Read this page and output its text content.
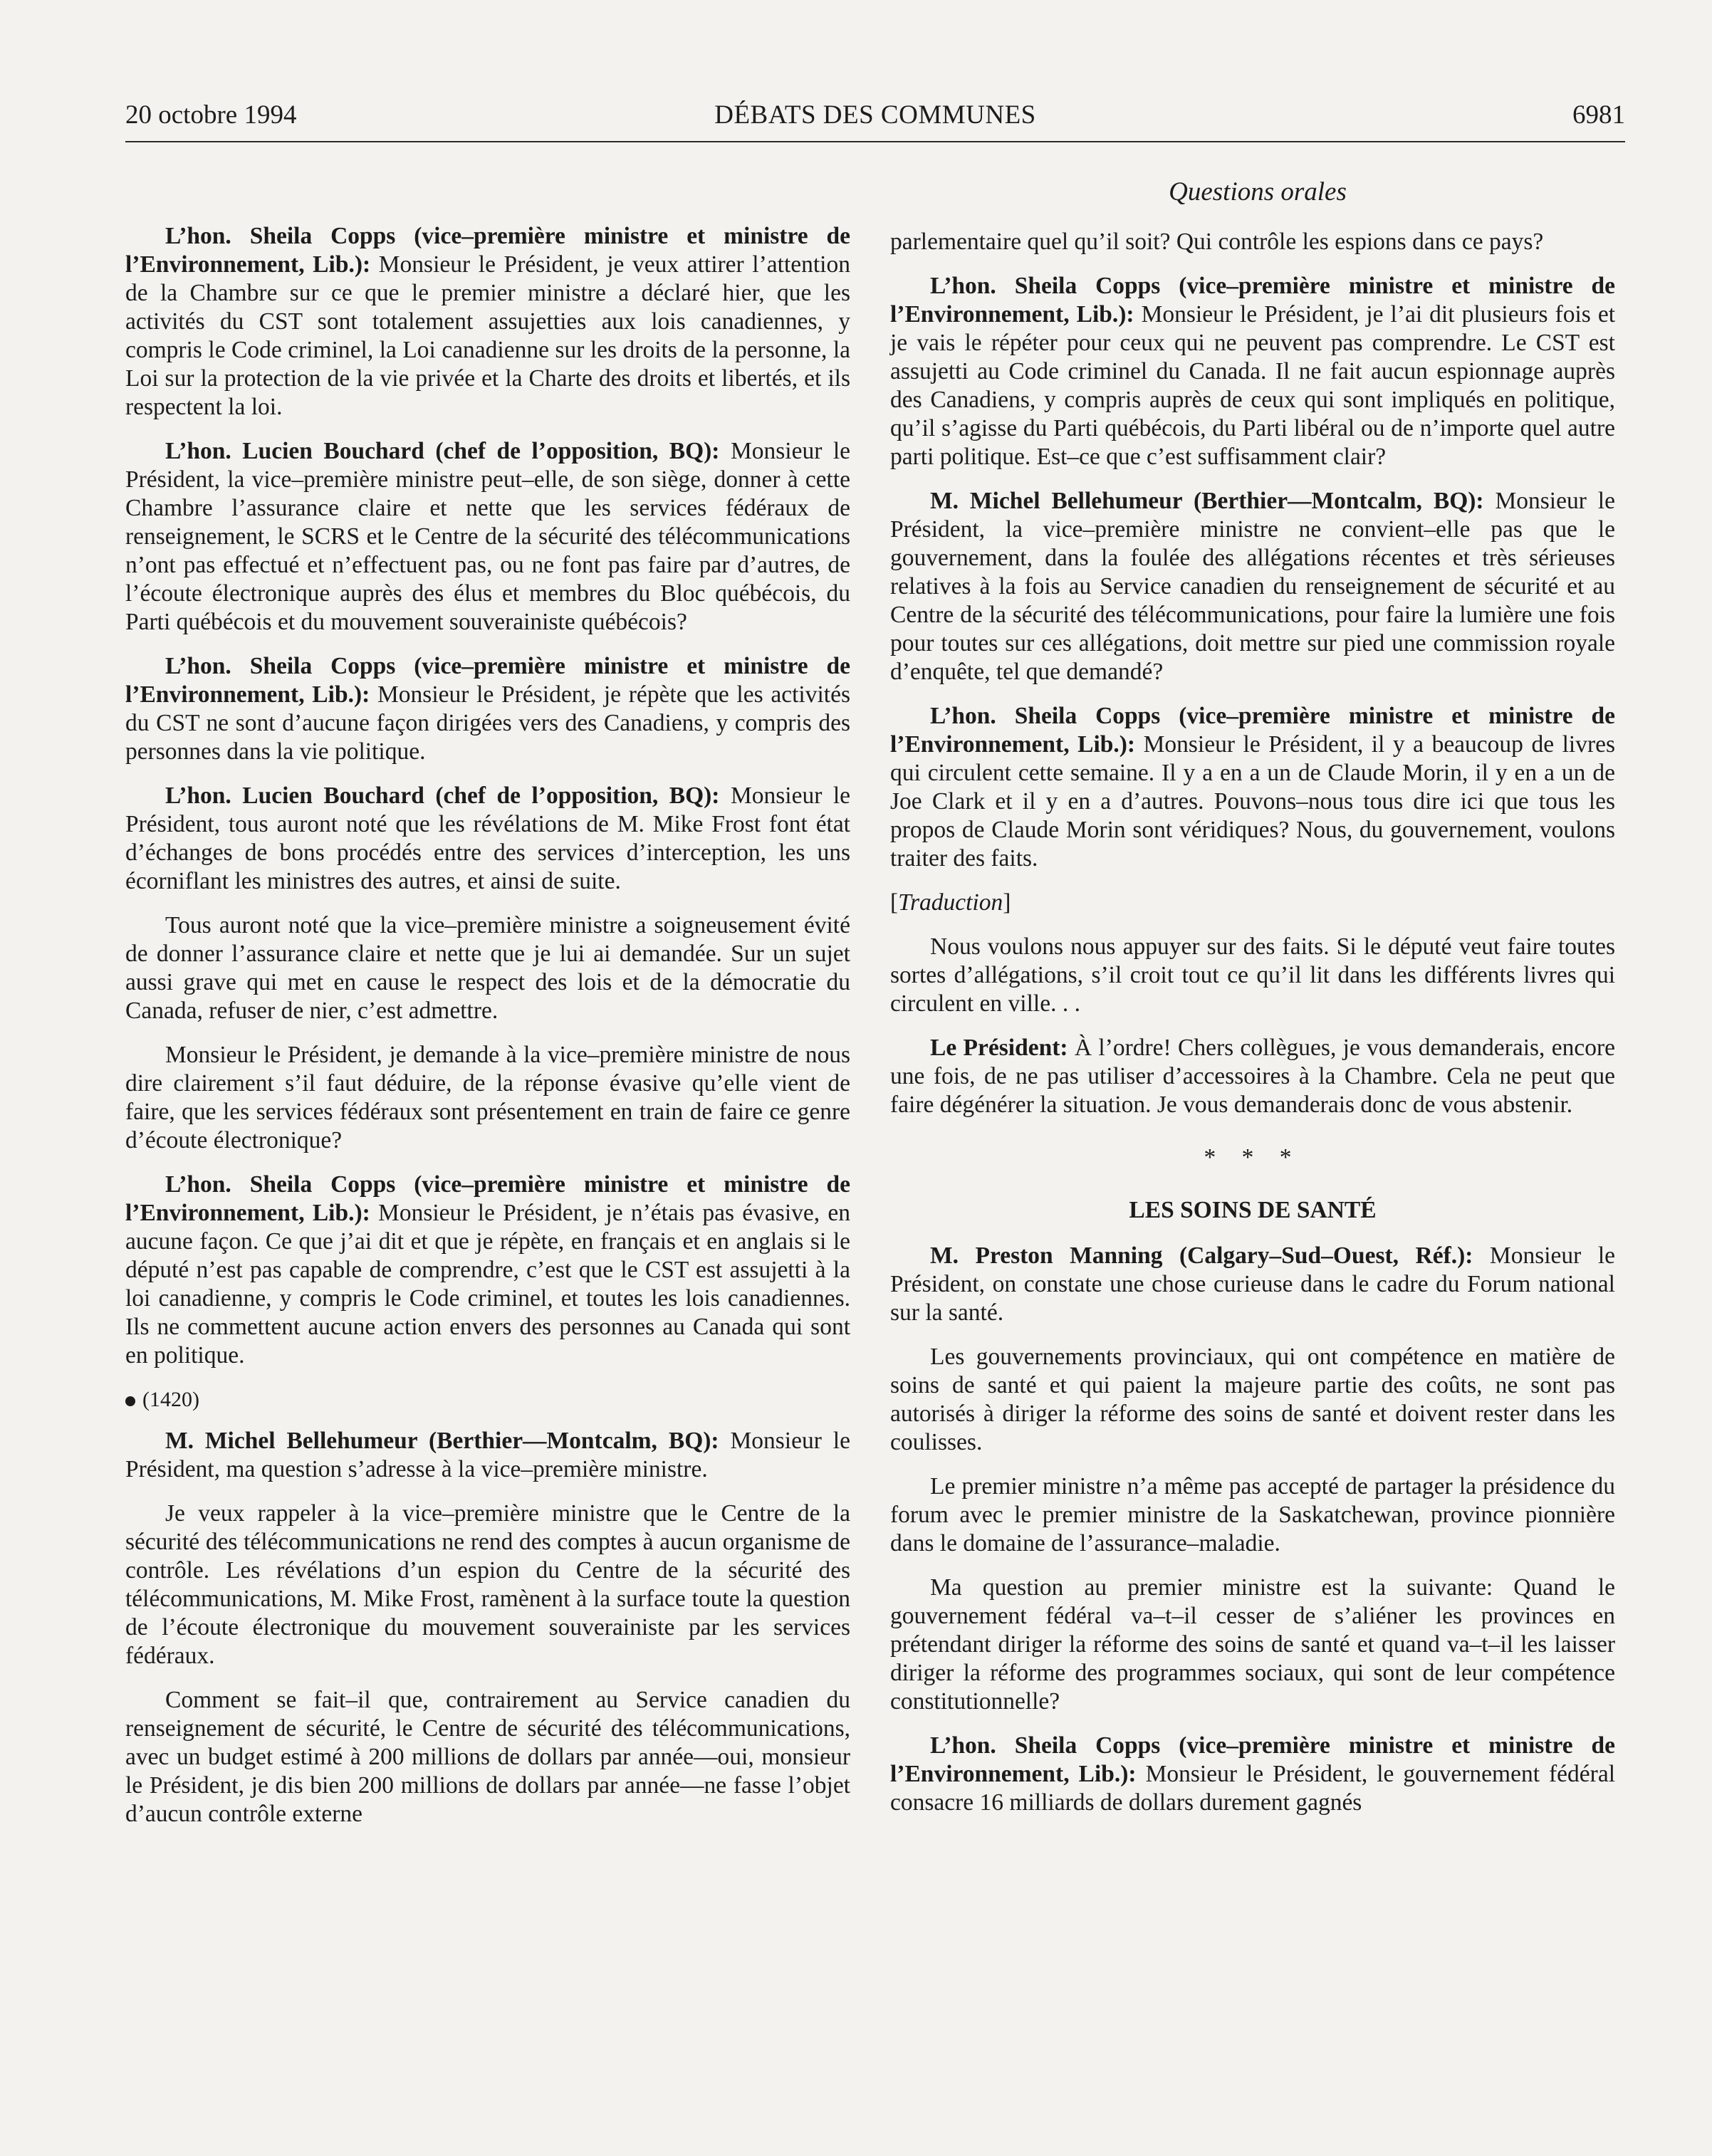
20 octobre 1994	DÉBATS DES COMMUNES	6981
Questions orales

L’hon. Sheila Copps (vice–première ministre et ministre de l’Environnement, Lib.): Monsieur le Président, je veux attirer l’attention de la Chambre sur ce que le premier ministre a déclaré hier, que les activités du CST sont totalement assujetties aux lois canadiennes, y compris le Code criminel, la Loi canadienne sur les droits de la personne, la Loi sur la protection de la vie privée et la Charte des droits et libertés, et ils respectent la loi.

L’hon. Lucien Bouchard (chef de l’opposition, BQ): Monsieur le Président, la vice–première ministre peut–elle, de son siège, donner à cette Chambre l’assurance claire et nette que les services fédéraux de renseignement, le SCRS et le Centre de la sécurité des télécommunications n’ont pas effectué et n’effectuent pas, ou ne font pas faire par d’autres, de l’écoute électronique auprès des élus et membres du Bloc québécois, du Parti québécois et du mouvement souverainiste québécois?

L’hon. Sheila Copps (vice–première ministre et ministre de l’Environnement, Lib.): Monsieur le Président, je répète que les activités du CST ne sont d’aucune façon dirigées vers des Canadiens, y compris des personnes dans la vie politique.

L’hon. Lucien Bouchard (chef de l’opposition, BQ): Monsieur le Président, tous auront noté que les révélations de M. Mike Frost font état d’échanges de bons procédés entre des services d’interception, les uns écorniflant les ministres des autres, et ainsi de suite.

Tous auront noté que la vice–première ministre a soigneusement évité de donner l’assurance claire et nette que je lui ai demandée. Sur un sujet aussi grave qui met en cause le respect des lois et de la démocratie du Canada, refuser de nier, c’est admettre.

Monsieur le Président, je demande à la vice–première ministre de nous dire clairement s’il faut déduire, de la réponse évasive qu’elle vient de faire, que les services fédéraux sont présentement en train de faire ce genre d’écoute électronique?

L’hon. Sheila Copps (vice–première ministre et ministre de l’Environnement, Lib.): Monsieur le Président, je n’étais pas évasive, en aucune façon. Ce que j’ai dit et que je répète, en français et en anglais si le député n’est pas capable de comprendre, c’est que le CST est assujetti à la loi canadienne, y compris le Code criminel, et toutes les lois canadiennes. Ils ne commettent aucune action envers des personnes au Canada qui sont en politique.

(1420)

M. Michel Bellehumeur (Berthier—Montcalm, BQ): Monsieur le Président, ma question s’adresse à la vice–première ministre.

Je veux rappeler à la vice–première ministre que le Centre de la sécurité des télécommunications ne rend des comptes à aucun organisme de contrôle. Les révélations d’un espion du Centre de la sécurité des télécommunications, M. Mike Frost, ramènent à la surface toute la question de l’écoute électronique du mouvement souverainiste par les services fédéraux.

Comment se fait–il que, contrairement au Service canadien du renseignement de sécurité, le Centre de sécurité des télécommunications, avec un budget estimé à 200 millions de dollars par année—oui, monsieur le Président, je dis bien 200 millions de dollars par année—ne fasse l’objet d’aucun contrôle externe

parlementaire quel qu’il soit? Qui contrôle les espions dans ce pays?

L’hon. Sheila Copps (vice–première ministre et ministre de l’Environnement, Lib.): Monsieur le Président, je l’ai dit plusieurs fois et je vais le répéter pour ceux qui ne peuvent pas comprendre. Le CST est assujetti au Code criminel du Canada. Il ne fait aucun espionnage auprès des Canadiens, y compris auprès de ceux qui sont impliqués en politique, qu’il s’agisse du Parti québécois, du Parti libéral ou de n’importe quel autre parti politique. Est–ce que c’est suffisamment clair?

M. Michel Bellehumeur (Berthier—Montcalm, BQ): Monsieur le Président, la vice–première ministre ne convient–elle pas que le gouvernement, dans la foulée des allégations récentes et très sérieuses relatives à la fois au Service canadien du renseignement de sécurité et au Centre de la sécurité des télécommunications, pour faire la lumière une fois pour toutes sur ces allégations, doit mettre sur pied une commission royale d’enquête, tel que demandé?

L’hon. Sheila Copps (vice–première ministre et ministre de l’Environnement, Lib.): Monsieur le Président, il y a beaucoup de livres qui circulent cette semaine. Il y a en a un de Claude Morin, il y en a un de Joe Clark et il y en a d’autres. Pouvons–nous tous dire ici que tous les propos de Claude Morin sont véridiques? Nous, du gouvernement, voulons traiter des faits.

[Traduction]

Nous voulons nous appuyer sur des faits. Si le député veut faire toutes sortes d’allégations, s’il croit tout ce qu’il lit dans les différents livres qui circulent en ville. . .

Le Président: À l’ordre! Chers collègues, je vous demanderais, encore une fois, de ne pas utiliser d’accessoires à la Chambre. Cela ne peut que faire dégénérer la situation. Je vous demanderais donc de vous abstenir.

* * *

LES SOINS DE SANTÉ

M. Preston Manning (Calgary–Sud–Ouest, Réf.): Monsieur le Président, on constate une chose curieuse dans le cadre du Forum national sur la santé.

Les gouvernements provinciaux, qui ont compétence en matière de soins de santé et qui paient la majeure partie des coûts, ne sont pas autorisés à diriger la réforme des soins de santé et doivent rester dans les coulisses.

Le premier ministre n’a même pas accepté de partager la présidence du forum avec le premier ministre de la Saskatchewan, province pionnière dans le domaine de l’assurance–maladie.

Ma question au premier ministre est la suivante: Quand le gouvernement fédéral va–t–il cesser de s’aliéner les provinces en prétendant diriger la réforme des soins de santé et quand va–t–il les laisser diriger la réforme des programmes sociaux, qui sont de leur compétence constitutionnelle?

L’hon. Sheila Copps (vice–première ministre et ministre de l’Environnement, Lib.): Monsieur le Président, le gouvernement fédéral consacre 16 milliards de dollars durement gagnés
